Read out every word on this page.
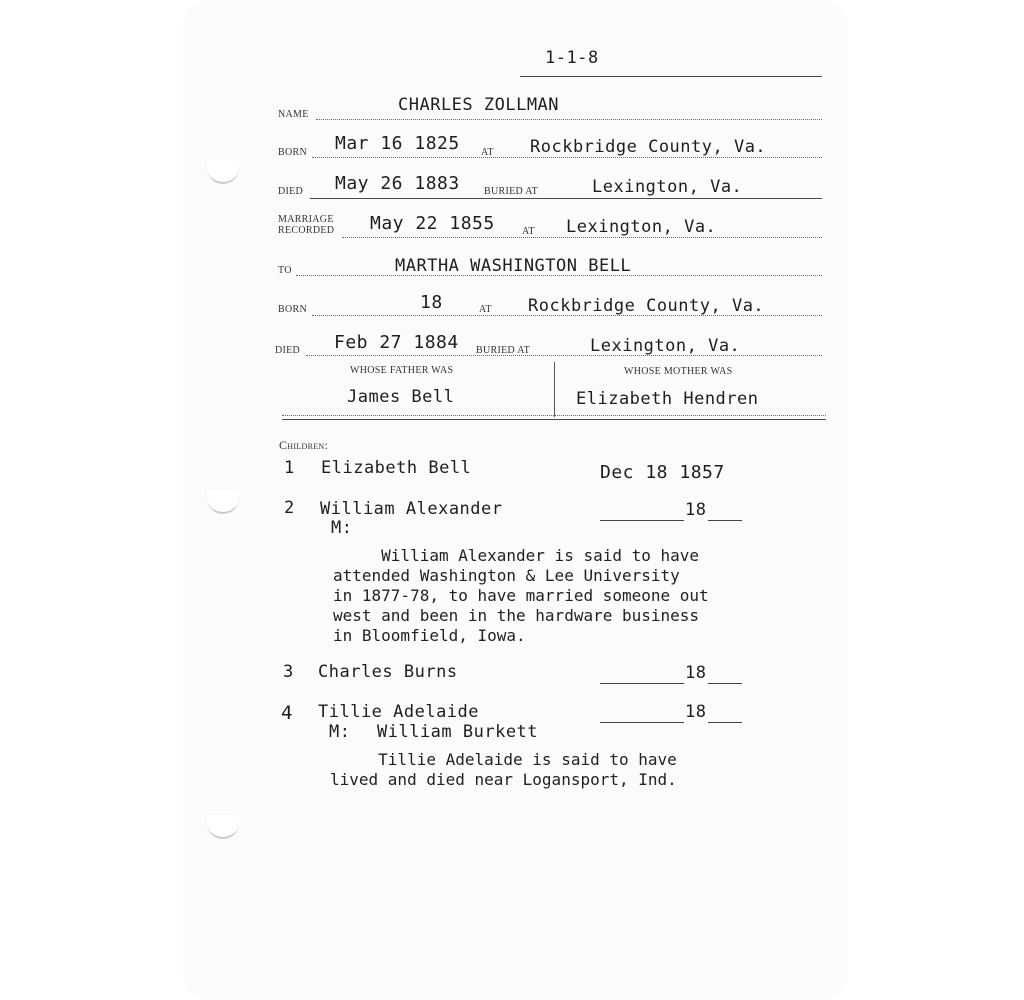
1-1-8
NAME	CHARLES ZOLLMAN
BORN Mar 16 1825 AT Rockbridge County, Va.
DIED May 26 1883 BURIED AT	Lexington, Va.
MARRIAGE
RECORDED May 22 1855	AT Lexington, Va.
TO	MARTHA WASHINGTON BELL
BORN	18	AT Rockbridge County, Va.
DIED Feb 27 1884 BURIED AT	Lexington, Va.
WHOSE FATHER WAS	WHOSE MOTHER WAS
James Bell	Elizabeth Hendren
Children:
1 Elizabeth Bell	Dec 18 1857
2 William Alexander	18
M:
William Alexander is said to have
attended Washington & Lee University
in 1877-78, to have married someone out
west and been in the hardware business
in Bloomfield, Iowa.
3 Charles Burns	18
4 Tillie Adelaide	18
M: William Burkett
Tillie Adelaide is said to have
lived and died near Logansport, Ind.
